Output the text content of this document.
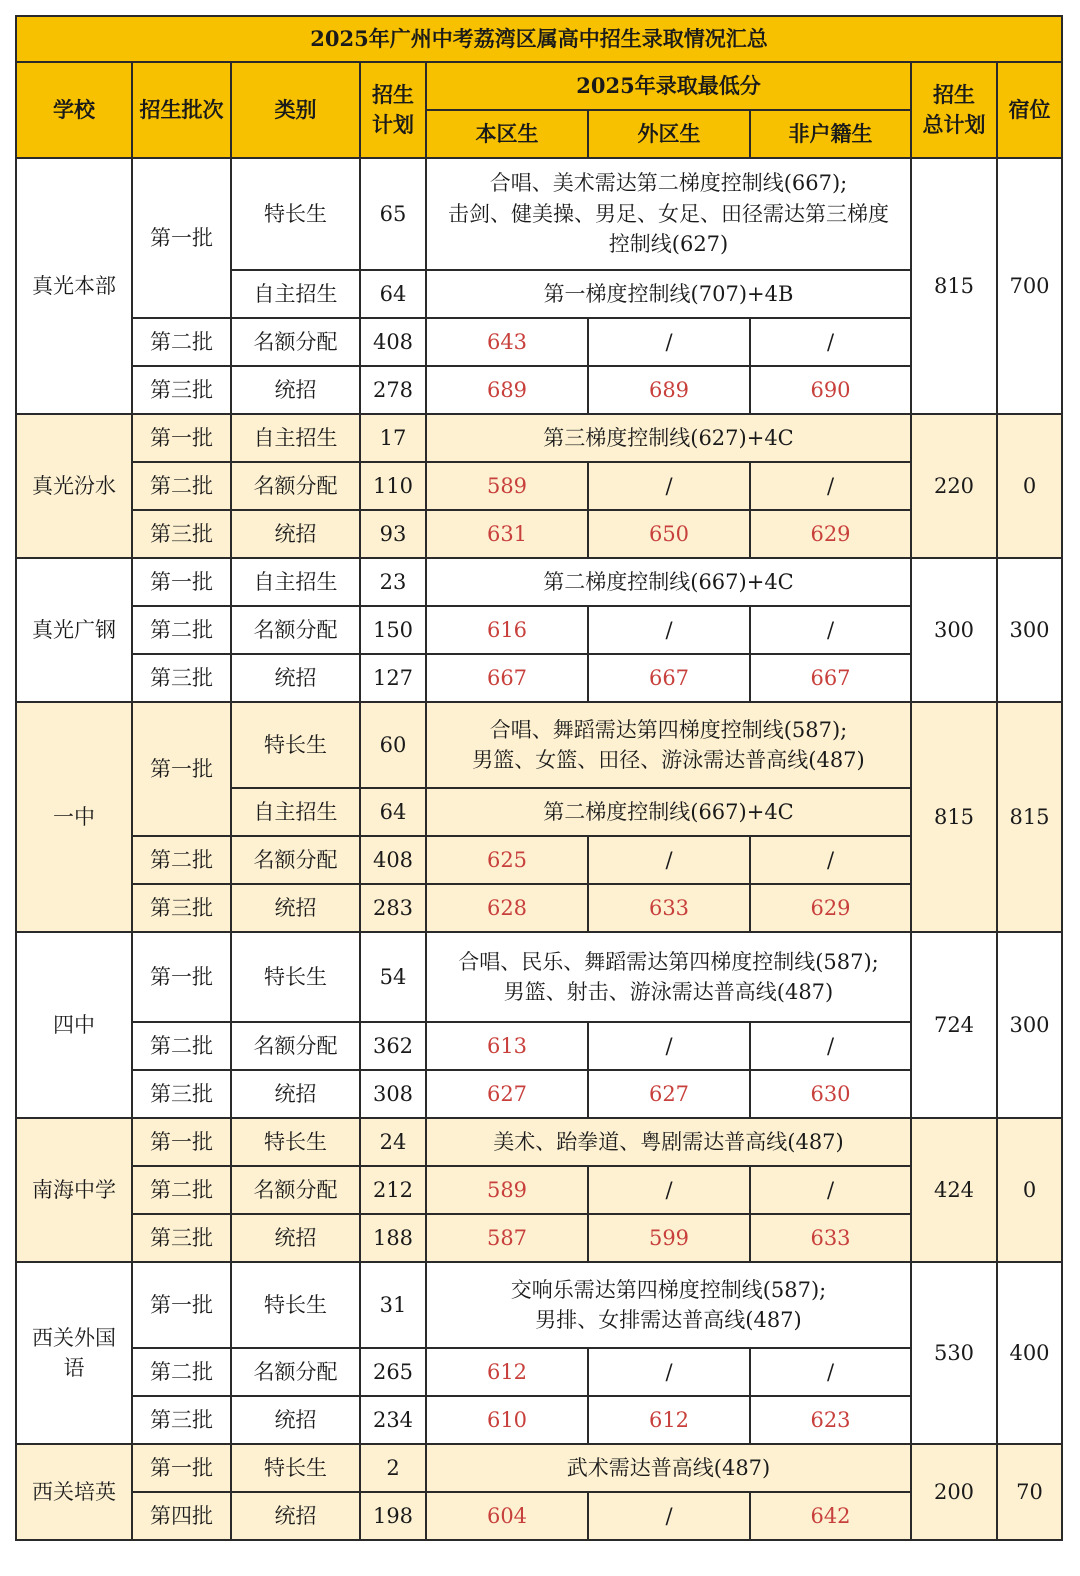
2025年广州中考荔湾区属高中招生录取情况汇总								
学校	招生批次	类别	招生
计划	2025年录取最低分			招生
总计划	宿位
				本区生	外区生	非户籍生		
真光本部	第一批	特长生	65	合唱、美术需达第二梯度控制线(667);
击剑、健美操、男足、女足、田径需达第三梯度
控制线(627)			815	700
		自主招生	64	第一梯度控制线(707)+4B				
	第二批	名额分配	408	643	/	/		
	第三批	统招	278	689	689	690		
真光汾水	第一批	自主招生	17	第三梯度控制线(627)+4C			220	0
	第二批	名额分配	110	589	/	/		
	第三批	统招	93	631	650	629		
真光广钢	第一批	自主招生	23	第二梯度控制线(667)+4C			300	300
	第二批	名额分配	150	616	/	/		
	第三批	统招	127	667	667	667		
一中	第一批	特长生	60	合唱、舞蹈需达第四梯度控制线(587);
男篮、女篮、田径、游泳需达普高线(487)			815	815
		自主招生	64	第二梯度控制线(667)+4C				
	第二批	名额分配	408	625	/	/		
	第三批	统招	283	628	633	629		
四中	第一批	特长生	54	合唱、民乐、舞蹈需达第四梯度控制线(587);
男篮、射击、游泳需达普高线(487)			724	300
	第二批	名额分配	362	613	/	/		
	第三批	统招	308	627	627	630		
南海中学	第一批	特长生	24	美术、跆拳道、粤剧需达普高线(487)			424	0
	第二批	名额分配	212	589	/	/		
	第三批	统招	188	587	599	633		
西关外国
语	第一批	特长生	31	交响乐需达第四梯度控制线(587);
男排、女排需达普高线(487)			530	400
	第二批	名额分配	265	612	/	/		
	第三批	统招	234	610	612	623		
西关培英	第一批	特长生	2	武术需达普高线(487)			200	70
	第四批	统招	198	604	/	642		
